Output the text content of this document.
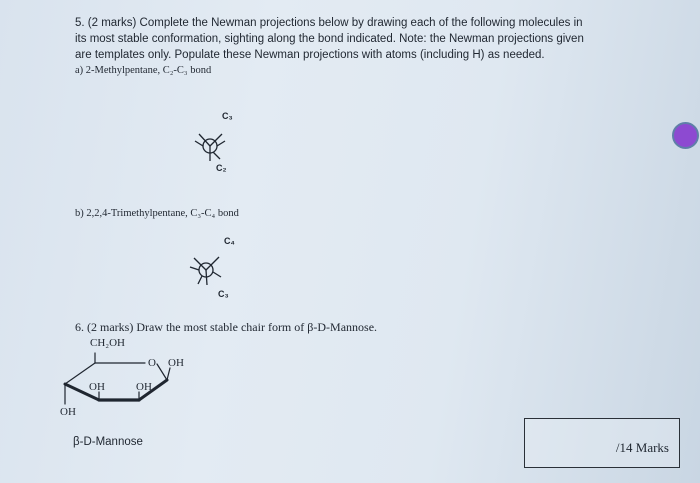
5. (2 marks) Complete the Newman projections below by drawing each of the following molecules in
its most stable conformation, sighting along the bond indicated. Note: the Newman projections given
are templates only. Populate these Newman projections with atoms (including H) as needed.
a) 2-Methylpentane, C₂-C₃ bond
C₃
C₂
b) 2,2,4-Trimethylpentane, C₃-C₄ bond
C₄
C₃
6. (2 marks) Draw the most stable chair form of β-D-Mannose.
CH₂OH
O OH
OH	OH
OH
β-D-Mannose	/14 Marks
